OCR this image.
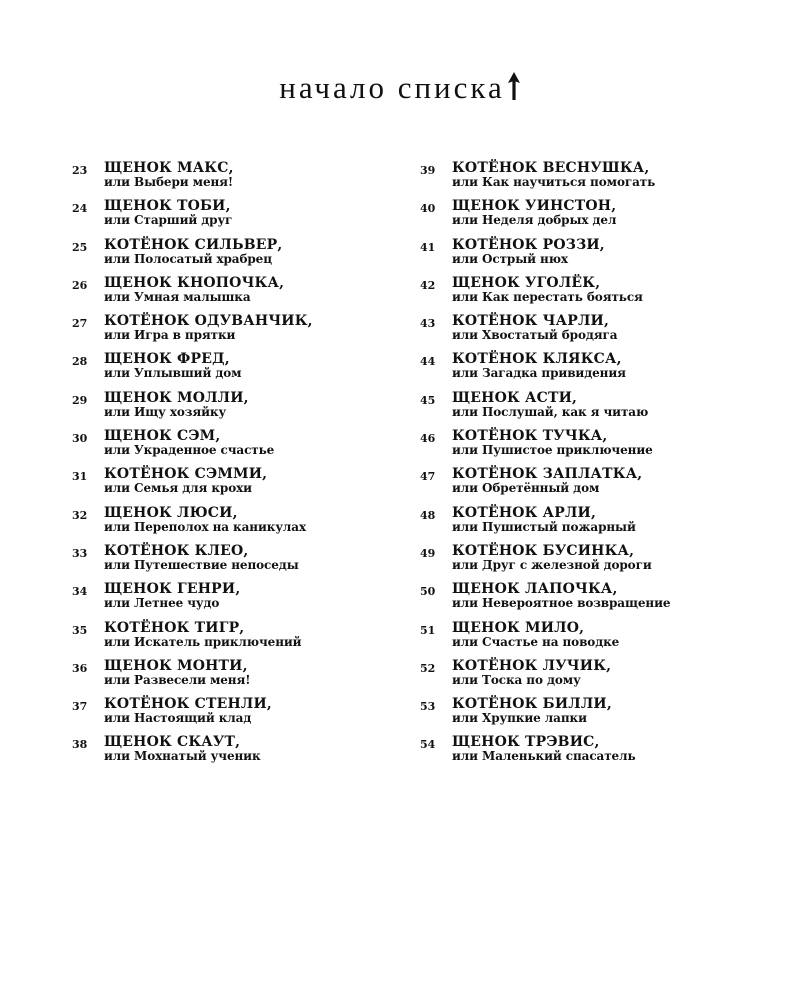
начало списка
23	ЩЕНОК МАКС,
или Выбери меня!
24	ЩЕНОК ТОБИ,
или Старший друг
25	КОТЁНОК СИЛЬВЕР,
или Полосатый храбрец
26	ЩЕНОК КНОПОЧКА,
или Умная малышка
27	КОТЁНОК ОДУВАНЧИК,
или Игра в прятки
28	ЩЕНОК ФРЕД,
или Уплывший дом
29	ЩЕНОК МОЛЛИ,
или Ищу хозяйку
30	ЩЕНОК СЭМ,
или Украденное счастье
31	КОТЁНОК СЭММИ,
или Семья для крохи
32	ЩЕНОК ЛЮСИ,
или Переполох на каникулах
33	КОТЁНОК КЛЕО,
или Путешествие непоседы
34	ЩЕНОК ГЕНРИ,
или Летнее чудо
35	КОТЁНОК ТИГР,
или Искатель приключений
36	ЩЕНОК МОНТИ,
или Развесели меня!
37	КОТЁНОК СТЕНЛИ,
или Настоящий клад
38	ЩЕНОК СКАУТ,
или Мохнатый ученик
39	КОТЁНОК ВЕСНУШКА,
или Как научиться помогать
40	ЩЕНОК УИНСТОН,
или Неделя добрых дел
41	КОТЁНОК РОЗЗИ,
или Острый нюх
42	ЩЕНОК УГОЛЁК,
или Как перестать бояться
43	КОТЁНОК ЧАРЛИ,
или Хвостатый бродяга
44	КОТЁНОК КЛЯКСА,
или Загадка привидения
45	ЩЕНОК АСТИ,
или Послушай, как я читаю
46	КОТЁНОК ТУЧКА,
или Пушистое приключение
47	КОТЁНОК ЗАПЛАТКА,
или Обретённый дом
48	КОТЁНОК АРЛИ,
или Пушистый пожарный
49	КОТЁНОК БУСИНКА,
или Друг с железной дороги
50	ЩЕНОК ЛАПОЧКА,
или Невероятное возвращение
51	ЩЕНОК МИЛО,
или Счастье на поводке
52	КОТЁНОК ЛУЧИК,
или Тоска по дому
53	КОТЁНОК БИЛЛИ,
или Хрупкие лапки
54	ЩЕНОК ТРЭВИС,
или Маленький спасатель
